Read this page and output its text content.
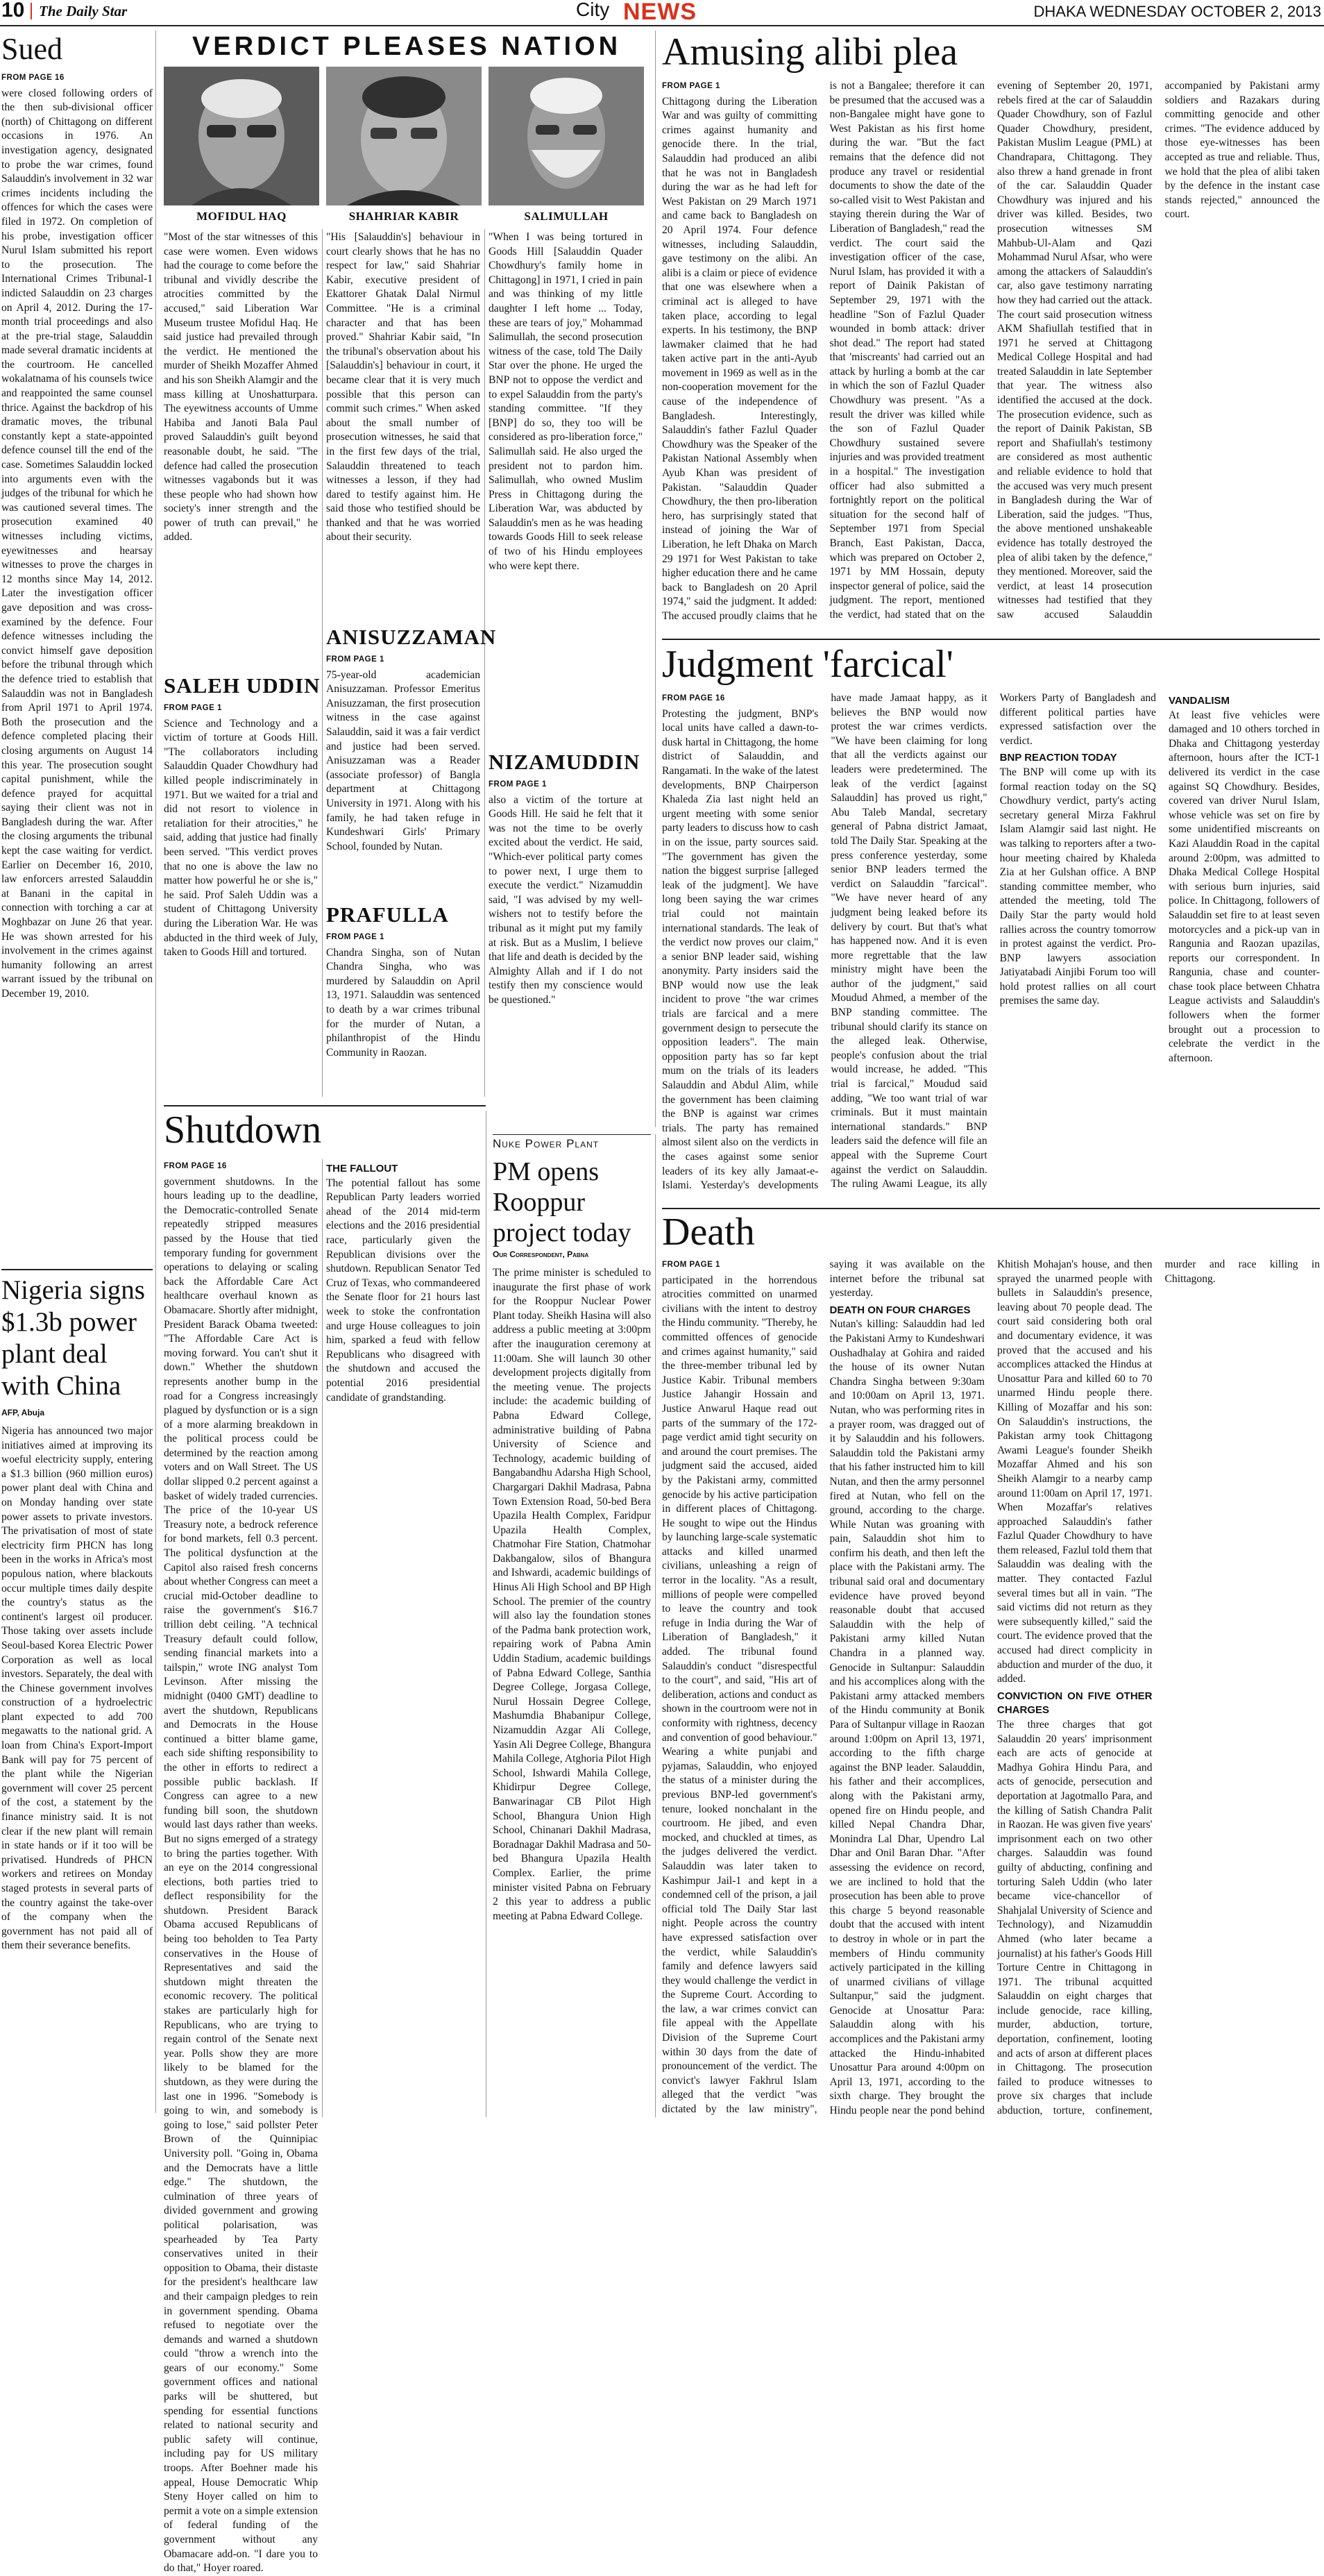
10 The Daily Star	City NEWS	DHAKA WEDNESDAY OCTOBER 2, 2013
Sued
FROM PAGE 16
were closed following orders of the then sub-divisional officer (north) of Chittagong on different occasions in 1976. An investigation agency, designated to probe the war crimes, found Salauddin's involvement in 32 war crimes incidents including the offences for which the cases were filed in 1972. On completion of his probe, investigation officer Nurul Islam submitted his report to the prosecution. The International Crimes Tribunal-1 indicted Salauddin on 23 charges on April 4, 2012. During the 17-month trial proceedings and also at the pre-trial stage, Salauddin made several dramatic incidents at the courtroom. He cancelled wokalatnama of his counsels twice and reappointed the same counsel thrice. Against the backdrop of his dramatic moves, the tribunal constantly kept a state-appointed defence counsel till the end of the case. Sometimes Salauddin locked into arguments even with the judges of the tribunal for which he was cautioned several times. The prosecution examined 40 witnesses including victims, eyewitnesses and hearsay witnesses to prove the charges in 12 months since May 14, 2012. Later the investigation officer gave deposition and was cross-examined by the defence. Four defence witnesses including the convict himself gave deposition before the tribunal through which the defence tried to establish that Salauddin was not in Bangladesh from April 1971 to April 1974. Both the prosecution and the defence completed placing their closing arguments on August 14 this year. The prosecution sought capital punishment, while the defence prayed for acquittal saying their client was not in Bangladesh during the war. After the closing arguments the tribunal kept the case waiting for verdict. Earlier on December 16, 2010, law enforcers arrested Salauddin at Banani in the capital in connection with torching a car at Moghbazar on June 26 that year. He was shown arrested for his involvement in the crimes against humanity following an arrest warrant issued by the tribunal on December 19, 2010.
Nigeria signs $1.3b power plant deal with China
AFP, Abuja
Nigeria has announced two major initiatives aimed at improving its woeful electricity supply, entering a $1.3 billion (960 million euros) power plant deal with China and on Monday handing over state power assets to private investors. The privatisation of most of state electricity firm PHCN has long been in the works in Africa's most populous nation, where blackouts occur multiple times daily despite the country's status as the continent's largest oil producer. Those taking over assets include Seoul-based Korea Electric Power Corporation as well as local investors. Separately, the deal with the Chinese government involves construction of a hydroelectric plant expected to add 700 megawatts to the national grid. A loan from China's Export-Import Bank will pay for 75 percent of the plant while the Nigerian government will cover 25 percent of the cost, a statement by the finance ministry said. It is not clear if the new plant will remain in state hands or if it too will be privatised. Hundreds of PHCN workers and retirees on Monday staged protests in several parts of the country against the take-over of the company when the government has not paid all of them their severance benefits.
VERDICT PLEASES NATION
MOFIDUL HAQ	SHAHRIAR KABIR	SALIMULLAH
"Most of the star witnesses of this case were women. Even widows had the courage to come before the tribunal and vividly describe the atrocities committed by the accused," said Liberation War Museum trustee Mofidul Haq. He said justice had prevailed through the verdict. He mentioned the murder of Sheikh Mozaffer Ahmed and his son Sheikh Alamgir and the mass killing at Unoshatturpara. The eyewitness accounts of Umme Habiba and Janoti Bala Paul proved Salauddin's guilt beyond reasonable doubt, he said. "The defence had called the prosecution witnesses vagabonds but it was these people who had shown how society's inner strength and the power of truth can prevail," he added.
SALEH UDDIN
FROM PAGE 1
Science and Technology and a victim of torture at Goods Hill. "The collaborators including Salauddin Quader Chowdhury had killed people indiscriminately in 1971. But we waited for a trial and did not resort to violence in retaliation for their atrocities," he said, adding that justice had finally been served. "This verdict proves that no one is above the law no matter how powerful he or she is," he said. Prof Saleh Uddin was a student of Chittagong University during the Liberation War. He was abducted in the third week of July, taken to Goods Hill and tortured.
"His [Salauddin's] behaviour in court clearly shows that he has no respect for law," said Shahriar Kabir, executive president of Ekattorer Ghatak Dalal Nirmul Committee. "He is a criminal character and that has been proved." Shahriar Kabir said, "In the tribunal's observation about his [Salauddin's] behaviour in court, it became clear that it is very much possible that this person can commit such crimes." When asked about the small number of prosecution witnesses, he said that in the first few days of the trial, Salauddin threatened to teach witnesses a lesson, if they had dared to testify against him. He said those who testified should be thanked and that he was worried about their security.
ANISUZZAMAN
FROM PAGE 1
75-year-old academician Anisuzzaman. Professor Emeritus Anisuzzaman, the first prosecution witness in the case against Salauddin, said it was a fair verdict and justice had been served. Anisuzzaman was a Reader (associate professor) of Bangla department at Chittagong University in 1971. Along with his family, he had taken refuge in Kundeshwari Girls' Primary School, founded by Nutan.
PRAFULLA
FROM PAGE 1
Chandra Singha, son of Nutan Chandra Singha, who was murdered by Salauddin on April 13, 1971. Salauddin was sentenced to death by a war crimes tribunal for the murder of Nutan, a philanthropist of the Hindu Community in Raozan.
"When I was being tortured in Goods Hill [Salauddin Quader Chowdhury's family home in Chittagong] in 1971, I cried in pain and was thinking of my little daughter I left home ... Today, these are tears of joy," Mohammad Salimullah, the second prosecution witness of the case, told The Daily Star over the phone. He urged the BNP not to oppose the verdict and to expel Salauddin from the party's standing committee. "If they [BNP] do so, they too will be considered as pro-liberation force," Salimullah said. He also urged the president not to pardon him. Salimullah, who owned Muslim Press in Chittagong during the Liberation War, was abducted by Salauddin's men as he was heading towards Goods Hill to seek release of two of his Hindu employees who were kept there.
NIZAMUDDIN
FROM PAGE 1
also a victim of the torture at Goods Hill. He said he felt that it was not the time to be overly excited about the verdict. He said, "Which-ever political party comes to power next, I urge them to execute the verdict." Nizamuddin said, "I was advised by my well-wishers not to testify before the tribunal as it might put my family at risk. But as a Muslim, I believe that life and death is decided by the Almighty Allah and if I do not testify then my conscience would be questioned."
Shutdown
FROM PAGE 16
government shutdowns. In the hours leading up to the deadline, the Democratic-controlled Senate repeatedly stripped measures passed by the House that tied temporary funding for government operations to delaying or scaling back the Affordable Care Act healthcare overhaul known as Obamacare. Shortly after midnight, President Barack Obama tweeted: "The Affordable Care Act is moving forward. You can't shut it down." Whether the shutdown represents another bump in the road for a Congress increasingly plagued by dysfunction or is a sign of a more alarming breakdown in the political process could be determined by the reaction among voters and on Wall Street. The US dollar slipped 0.2 percent against a basket of widely traded currencies. The price of the 10-year US Treasury note, a bedrock reference for bond markets, fell 0.3 percent. The political dysfunction at the Capitol also raised fresh concerns about whether Congress can meet a crucial mid-October deadline to raise the government's $16.7 trillion debt ceiling. "A technical Treasury default could follow, sending financial markets into a tailspin," wrote ING analyst Tom Levinson. After missing the midnight (0400 GMT) deadline to avert the shutdown, Republicans and Democrats in the House continued a bitter blame game, each side shifting responsibility to the other in efforts to redirect a possible public backlash. If Congress can agree to a new funding bill soon, the shutdown would last days rather than weeks. But no signs emerged of a strategy to bring the parties together. With an eye on the 2014 congressional elections, both parties tried to deflect responsibility for the shutdown. President Barack Obama accused Republicans of being too beholden to Tea Party conservatives in the House of Representatives and said the shutdown might threaten the economic recovery. The political stakes are particularly high for Republicans, who are trying to regain control of the Senate next year. Polls show they are more likely to be blamed for the shutdown, as they were during the last one in 1996. "Somebody is going to win, and somebody is going to lose," said pollster Peter Brown of the Quinnipiac University poll. "Going in, Obama and the Democrats have a little edge." The shutdown, the culmination of three years of divided government and growing political polarisation, was spearheaded by Tea Party conservatives united in their opposition to Obama, their distaste for the president's healthcare law and their campaign pledges to rein in government spending. Obama refused to negotiate over the demands and warned a shutdown could "throw a wrench into the gears of our economy." Some government offices and national parks will be shuttered, but spending for essential functions related to national security and public safety will continue, including pay for US military troops. After Boehner made his appeal, House Democratic Whip Steny Hoyer called on him to permit a vote on a simple extension of federal funding of the government without any Obamacare add-on. "I dare you to do that," Hoyer roared.
THE FALLOUT
The potential fallout has some Republican Party leaders worried ahead of the 2014 mid-term elections and the 2016 presidential race, particularly given the Republican divisions over the shutdown. Republican Senator Ted Cruz of Texas, who commandeered the Senate floor for 21 hours last week to stoke the confrontation and urge House colleagues to join him, sparked a feud with fellow Republicans who disagreed with the shutdown and accused the potential 2016 presidential candidate of grandstanding.
Nuke Power Plant
PM opens Rooppur project today
Our Correspondent, Pabna
The prime minister is scheduled to inaugurate the first phase of work for the Rooppur Nuclear Power Plant today. Sheikh Hasina will also address a public meeting at 3:00pm after the inauguration ceremony at 11:00am. She will launch 30 other development projects digitally from the meeting venue. The projects include: the academic building of Pabna Edward College, administrative building of Pabna University of Science and Technology, academic building of Bangabandhu Adarsha High School, Chargargari Dakhil Madrasa, Pabna Town Extension Road, 50-bed Bera Upazila Health Complex, Faridpur Upazila Health Complex, Chatmohar Fire Station, Chatmohar Dakbangalow, silos of Bhangura and Ishwardi, academic buildings of Hinus Ali High School and BP High School. The premier of the country will also lay the foundation stones of the Padma bank protection work, repairing work of Pabna Amin Uddin Stadium, academic buildings of Pabna Edward College, Santhia Degree College, Jorgasa College, Nurul Hossain Degree College, Mashumdia Bhabanipur College, Nizamuddin Azgar Ali College, Yasin Ali Degree College, Bhangura Mahila College, Atghoria Pilot High School, Ishwardi Mahila College, Khidirpur Degree College, Banwarinagar CB Pilot High School, Bhangura Union High School, Chinanari Dakhil Madrasa, Boradnagar Dakhil Madrasa and 50-bed Bhangura Upazila Health Complex. Earlier, the prime minister visited Pabna on February 2 this year to address a public meeting at Pabna Edward College.
Amusing alibi plea
FROM PAGE 1
Chittagong during the Liberation War and was guilty of committing crimes against humanity and genocide there. In the trial, Salauddin had produced an alibi that he was not in Bangladesh during the war as he had left for West Pakistan on 29 March 1971 and came back to Bangladesh on 20 April 1974. Four defence witnesses, including Salauddin, gave testimony on the alibi. An alibi is a claim or piece of evidence that one was elsewhere when a criminal act is alleged to have taken place, according to legal experts. In his testimony, the BNP lawmaker claimed that he had taken active part in the anti-Ayub movement in 1969 as well as in the non-cooperation movement for the cause of the independence of Bangladesh. Interestingly, Salauddin's father Fazlul Quader Chowdhury was the Speaker of the Pakistan National Assembly when Ayub Khan was president of Pakistan. "Salauddin Quader Chowdhury, the then pro-liberation hero, has surprisingly stated that instead of joining the War of Liberation, he left Dhaka on March 29 1971 for West Pakistan to take higher education there and he came back to Bangladesh on 20 April 1974," said the judgment. It added: The accused proudly claims that he is not a Bangalee; therefore it can be presumed that the accused was a non-Bangalee might have gone to West Pakistan as his first home during the war. "But the fact remains that the defence did not produce any travel or residential documents to show the date of the so-called visit to West Pakistan and staying therein during the War of Liberation of Bangladesh," read the verdict. The court said the investigation officer of the case, Nurul Islam, has provided it with a report of Dainik Pakistan of September 29, 1971 with the headline "Son of Fazlul Quader wounded in bomb attack: driver shot dead." The report had stated that 'miscreants' had carried out an attack by hurling a bomb at the car in which the son of Fazlul Quader Chowdhury was present. "As a result the driver was killed while the son of Fazlul Quader Chowdhury sustained severe injuries and was provided treatment in a hospital." The investigation officer had also submitted a fortnightly report on the political situation for the second half of September 1971 from Special Branch, East Pakistan, Dacca, which was prepared on October 2, 1971 by MM Hossain, deputy inspector general of police, said the judgment. The report, mentioned the verdict, had stated that on the evening of September 20, 1971, rebels fired at the car of Salauddin Quader Chowdhury, son of Fazlul Quader Chowdhury, president, Pakistan Muslim League (PML) at Chandrapara, Chittagong. They also threw a hand grenade in front of the car. Salauddin Quader Chowdhury was injured and his driver was killed. Besides, two prosecution witnesses SM Mahbub-Ul-Alam and Qazi Mohammad Nurul Afsar, who were among the attackers of Salauddin's car, also gave testimony narrating how they had carried out the attack. The court said prosecution witness AKM Shafiullah testified that in 1971 he served at Chittagong Medical College Hospital and had treated Salauddin in late September that year. The witness also identified the accused at the dock. The prosecution evidence, such as the report of Dainik Pakistan, SB report and Shafiullah's testimony are considered as most authentic and reliable evidence to hold that the accused was very much present in Bangladesh during the War of Liberation, said the judges. "Thus, the above mentioned unshakeable evidence has totally destroyed the plea of alibi taken by the defence," they mentioned. Moreover, said the verdict, at least 14 prosecution witnesses had testified that they saw accused Salauddin accompanied by Pakistani army soldiers and Razakars during committing genocide and other crimes. "The evidence adduced by those eye-witnesses has been accepted as true and reliable. Thus, we hold that the plea of alibi taken by the defence in the instant case stands rejected," announced the court.
Judgment 'farcical'
FROM PAGE 16
Protesting the judgment, BNP's local units have called a dawn-to-dusk hartal in Chittagong, the home district of Salauddin, and Rangamati. In the wake of the latest developments, BNP Chairperson Khaleda Zia last night held an urgent meeting with some senior party leaders to discuss how to cash in on the issue, party sources said. "The government has given the nation the biggest surprise [alleged leak of the judgment]. We have long been saying the war crimes trial could not maintain international standards. The leak of the verdict now proves our claim," a senior BNP leader said, wishing anonymity. Party insiders said the BNP would now use the leak incident to prove "the war crimes trials are farcical and a mere government design to persecute the opposition leaders". The main opposition party has so far kept mum on the trials of its leaders Salauddin and Abdul Alim, while the government has been claiming the BNP is against war crimes trials. The party has remained almost silent also on the verdicts in the cases against some senior leaders of its key ally Jamaat-e-Islami. Yesterday's developments have made Jamaat happy, as it believes the BNP would now protest the war crimes verdicts. "We have been claiming for long that all the verdicts against our leaders were predetermined. The leak of the verdict [against Salauddin] has proved us right," Abu Taleb Mandal, secretary general of Pabna district Jamaat, told The Daily Star. Speaking at the press conference yesterday, some senior BNP leaders termed the verdict on Salauddin "farcical". "We have never heard of any judgment being leaked before its delivery by court. But that's what has happened now. And it is even more regrettable that the law ministry might have been the author of the judgment," said Moudud Ahmed, a member of the BNP standing committee. The tribunal should clarify its stance on the alleged leak. Otherwise, people's confusion about the trial would increase, he added. "This trial is farcical," Moudud said adding, "We too want trial of war criminals. But it must maintain international standards." BNP leaders said the defence will file an appeal with the Supreme Court against the verdict on Salauddin. The ruling Awami League, its ally Workers Party of Bangladesh and different political parties have expressed satisfaction over the verdict.
BNP REACTION TODAY
The BNP will come up with its formal reaction today on the SQ Chowdhury verdict, party's acting secretary general Mirza Fakhrul Islam Alamgir said last night. He was talking to reporters after a two-hour meeting chaired by Khaleda Zia at her Gulshan office. A BNP standing committee member, who attended the meeting, told The Daily Star the party would hold rallies across the country tomorrow in protest against the verdict. Pro-BNP lawyers association Jatiyatabadi Ainjibi Forum too will hold protest rallies on all court premises the same day.
VANDALISM
At least five vehicles were damaged and 10 others torched in Dhaka and Chittagong yesterday afternoon, hours after the ICT-1 delivered its verdict in the case against SQ Chowdhury. Besides, covered van driver Nurul Islam, whose vehicle was set on fire by some unidentified miscreants on Kazi Alauddin Road in the capital around 2:00pm, was admitted to Dhaka Medical College Hospital with serious burn injuries, said police. In Chittagong, followers of Salauddin set fire to at least seven motorcycles and a pick-up van in Rangunia and Raozan upazilas, reports our correspondent. In Rangunia, chase and counter-chase took place between Chhatra League activists and Salauddin's followers when the former brought out a procession to celebrate the verdict in the afternoon.
Death
FROM PAGE 1
participated in the horrendous atrocities committed on unarmed civilians with the intent to destroy the Hindu community. "Thereby, he committed offences of genocide and crimes against humanity," said the three-member tribunal led by Justice Kabir. Tribunal members Justice Jahangir Hossain and Justice Anwarul Haque read out parts of the summary of the 172-page verdict amid tight security on and around the court premises. The judgment said the accused, aided by the Pakistani army, committed genocide by his active participation in different places of Chittagong. He sought to wipe out the Hindus by launching large-scale systematic attacks and killed unarmed civilians, unleashing a reign of terror in the locality. "As a result, millions of people were compelled to leave the country and took refuge in India during the War of Liberation of Bangladesh," it added. The tribunal found Salauddin's conduct "disrespectful to the court", and said, "His art of deliberation, actions and conduct as shown in the courtroom were not in conformity with rightness, decency and convention of good behaviour." Wearing a white punjabi and pyjamas, Salauddin, who enjoyed the status of a minister during the previous BNP-led government's tenure, looked nonchalant in the courtroom. He jibed, and even mocked, and chuckled at times, as the judges delivered the verdict. Salauddin was later taken to Kashimpur Jail-1 and kept in a condemned cell of the prison, a jail official told The Daily Star last night. People across the country have expressed satisfaction over the verdict, while Salauddin's family and defence lawyers said they would challenge the verdict in the Supreme Court. According to the law, a war crimes convict can file appeal with the Appellate Division of the Supreme Court within 30 days from the date of pronouncement of the verdict. The convict's lawyer Fakhrul Islam alleged that the verdict "was dictated by the law ministry", saying it was available on the internet before the tribunal sat yesterday.
DEATH ON FOUR CHARGES
Nutan's killing: Salauddin had led the Pakistani Army to Kundeshwari Oushadhalay at Gohira and raided the house of its owner Nutan Chandra Singha between 9:30am and 10:00am on April 13, 1971. Nutan, who was performing rites in a prayer room, was dragged out of it by Salauddin and his followers. Salauddin told the Pakistani army that his father instructed him to kill Nutan, and then the army personnel fired at Nutan, who fell on the ground, according to the charge. While Nutan was groaning with pain, Salauddin shot him to confirm his death, and then left the place with the Pakistani army. The tribunal said oral and documentary evidence have proved beyond reasonable doubt that accused Salauddin with the help of Pakistani army killed Nutan Chandra in a planned way. Genocide in Sultanpur: Salauddin and his accomplices along with the Pakistani army attacked members of the Hindu community at Bonik Para of Sultanpur village in Raozan around 1:00pm on April 13, 1971, according to the fifth charge against the BNP leader. Salauddin, his father and their accomplices, along with the Pakistani army, opened fire on Hindu people, and killed Nepal Chandra Dhar, Monindra Lal Dhar, Upendro Lal Dhar and Onil Baran Dhar. "After assessing the evidence on record, we are inclined to hold that the prosecution has been able to prove this charge 5 beyond reasonable doubt that the accused with intent to destroy in whole or in part the members of Hindu community actively participated in the killing of unarmed civilians of village Sultanpur," said the judgment. Genocide at Unosattur Para: Salauddin along with his accomplices and the Pakistani army attacked the Hindu-inhabited Unosattur Para around 4:00pm on April 13, 1971, according to the sixth charge. They brought the Hindu people near the pond behind Khitish Mohajan's house, and then sprayed the unarmed people with bullets in Salauddin's presence, leaving about 70 people dead. The court said considering both oral and documentary evidence, it was proved that the accused and his accomplices attacked the Hindus at Unosattur Para and killed 60 to 70 unarmed Hindu people there. Killing of Mozaffar and his son: On Salauddin's instructions, the Pakistan army took Chittagong Awami League's founder Sheikh Mozaffar Ahmed and his son Sheikh Alamgir to a nearby camp around 11:00am on April 17, 1971. When Mozaffar's relatives approached Salauddin's father Fazlul Quader Chowdhury to have them released, Fazlul told them that Salauddin was dealing with the matter. They contacted Fazlul several times but all in vain. "The said victims did not return as they were subsequently killed," said the court. The evidence proved that the accused had direct complicity in abduction and murder of the duo, it added.
CONVICTION ON FIVE OTHER CHARGES
The three charges that got Salauddin 20 years' imprisonment each are acts of genocide at Madhya Gohira Hindu Para, and acts of genocide, persecution and deportation at Jagotmallo Para, and the killing of Satish Chandra Palit in Raozan. He was given five years' imprisonment each on two other charges. Salauddin was found guilty of abducting, confining and torturing Saleh Uddin (who later became vice-chancellor of Shahjalal University of Science and Technology), and Nizamuddin Ahmed (who later became a journalist) at his father's Goods Hill Torture Centre in Chittagong in 1971. The tribunal acquitted Salauddin on eight charges that include genocide, race killing, murder, abduction, torture, deportation, confinement, looting and acts of arson at different places in Chittagong. The prosecution failed to produce witnesses to prove six charges that include abduction, torture, confinement, murder and race killing in Chittagong.
